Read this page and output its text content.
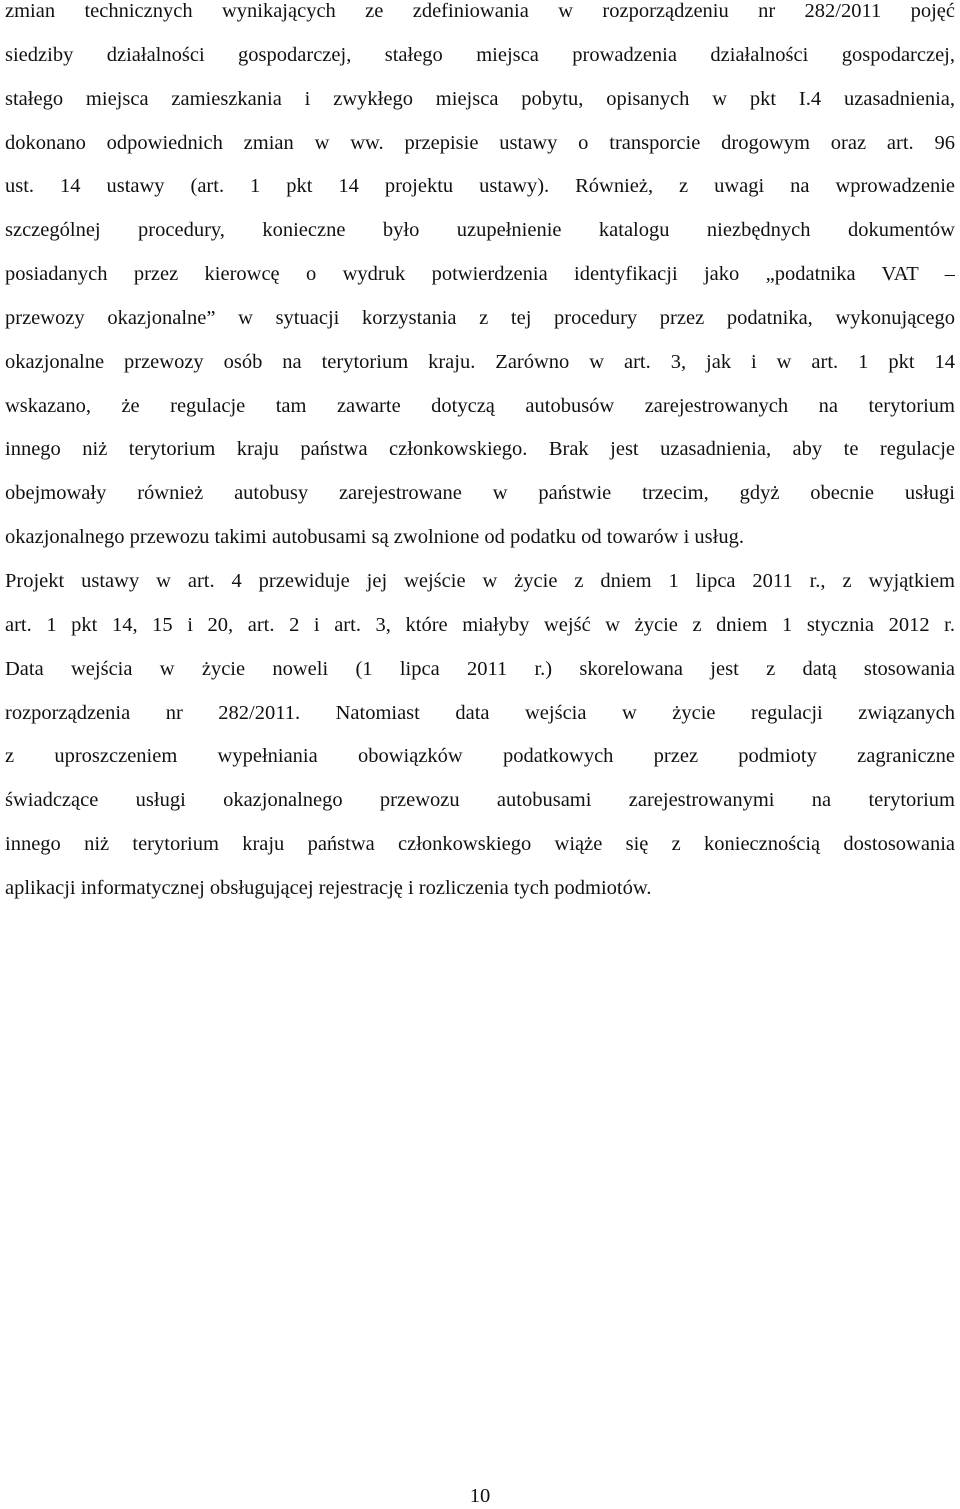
zmian technicznych wynikających ze zdefiniowania w rozporządzeniu nr 282/2011 pojęć
siedziby działalności gospodarczej, stałego miejsca prowadzenia działalności gospodarczej,
stałego miejsca zamieszkania i zwykłego miejsca pobytu, opisanych w pkt I.4 uzasadnienia,
dokonano odpowiednich zmian w ww. przepisie ustawy o transporcie drogowym oraz art. 96
ust. 14 ustawy (art. 1 pkt 14 projektu ustawy). Również, z uwagi na wprowadzenie
szczególnej procedury, konieczne było uzupełnienie katalogu niezbędnych dokumentów
posiadanych przez kierowcę o wydruk potwierdzenia identyfikacji jako „podatnika VAT –
przewozy okazjonalne” w sytuacji korzystania z tej procedury przez podatnika, wykonującego
okazjonalne przewozy osób na terytorium kraju. Zarówno w art. 3, jak i w art. 1 pkt 14
wskazano, że regulacje tam zawarte dotyczą autobusów zarejestrowanych na terytorium
innego niż terytorium kraju państwa członkowskiego. Brak jest uzasadnienia, aby te regulacje
obejmowały również autobusy zarejestrowane w państwie trzecim, gdyż obecnie usługi
okazjonalnego przewozu takimi autobusami są zwolnione od podatku od towarów i usług.
Projekt ustawy w art. 4 przewiduje jej wejście w życie z dniem 1 lipca 2011 r., z wyjątkiem
art. 1 pkt 14, 15 i 20, art. 2 i art. 3, które miałyby wejść w życie z dniem 1 stycznia 2012 r.
Data wejścia w życie noweli (1 lipca 2011 r.) skorelowana jest z datą stosowania
rozporządzenia nr 282/2011. Natomiast data wejścia w życie regulacji związanych
z uproszczeniem wypełniania obowiązków podatkowych przez podmioty zagraniczne
świadczące usługi okazjonalnego przewozu autobusami zarejestrowanymi na terytorium
innego niż terytorium kraju państwa członkowskiego wiąże się z koniecznością dostosowania
aplikacji informatycznej obsługującej rejestrację i rozliczenia tych podmiotów.
10
